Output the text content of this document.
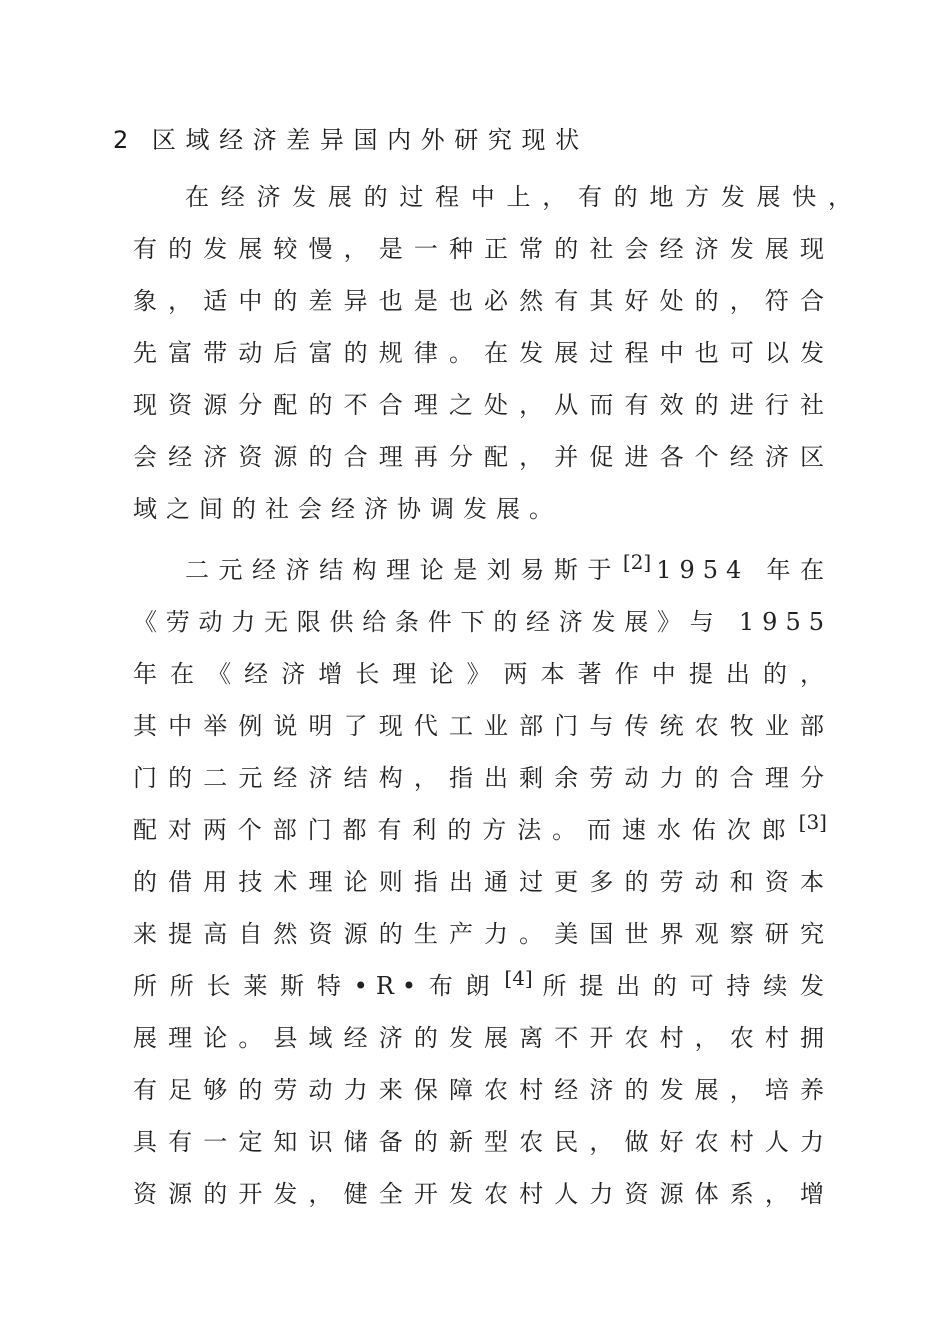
2 区域经济差异国内外研究现状
在经济发展的过程中上，有的地方发展快，
有的发展较慢，是一种正常的社会经济发展现
象，适中的差异也是也必然有其好处的，符合
先富带动后富的规律。在发展过程中也可以发
现资源分配的不合理之处，从而有效的进行社
会经济资源的合理再分配，并促进各个经济区
域之间的社会经济协调发展。
二元经济结构理论是刘易斯于 [2] 1954 年在
《劳动力无限供给条件下的经济发展》与 1955
年在《经济增长理论》两本著作中提出的，
其中举例说明了现代工业部门与传统农牧业部
门的二元经济结构，指出剩余劳动力的合理分
配对两个部门都有利的方法。而速水佑次郎 [3]
的借用技术理论则指出通过更多的劳动和资本
来提高自然资源的生产力。美国世界观察研究
所所长莱斯特•R•布朗 [4] 所提出的可持续发
展理论。县域经济的发展离不开农村，农村拥
有足够的劳动力来保障农村经济的发展，培养
具有一定知识储备的新型农民，做好农村人力
资源的开发，健全开发农村人力资源体系，增
